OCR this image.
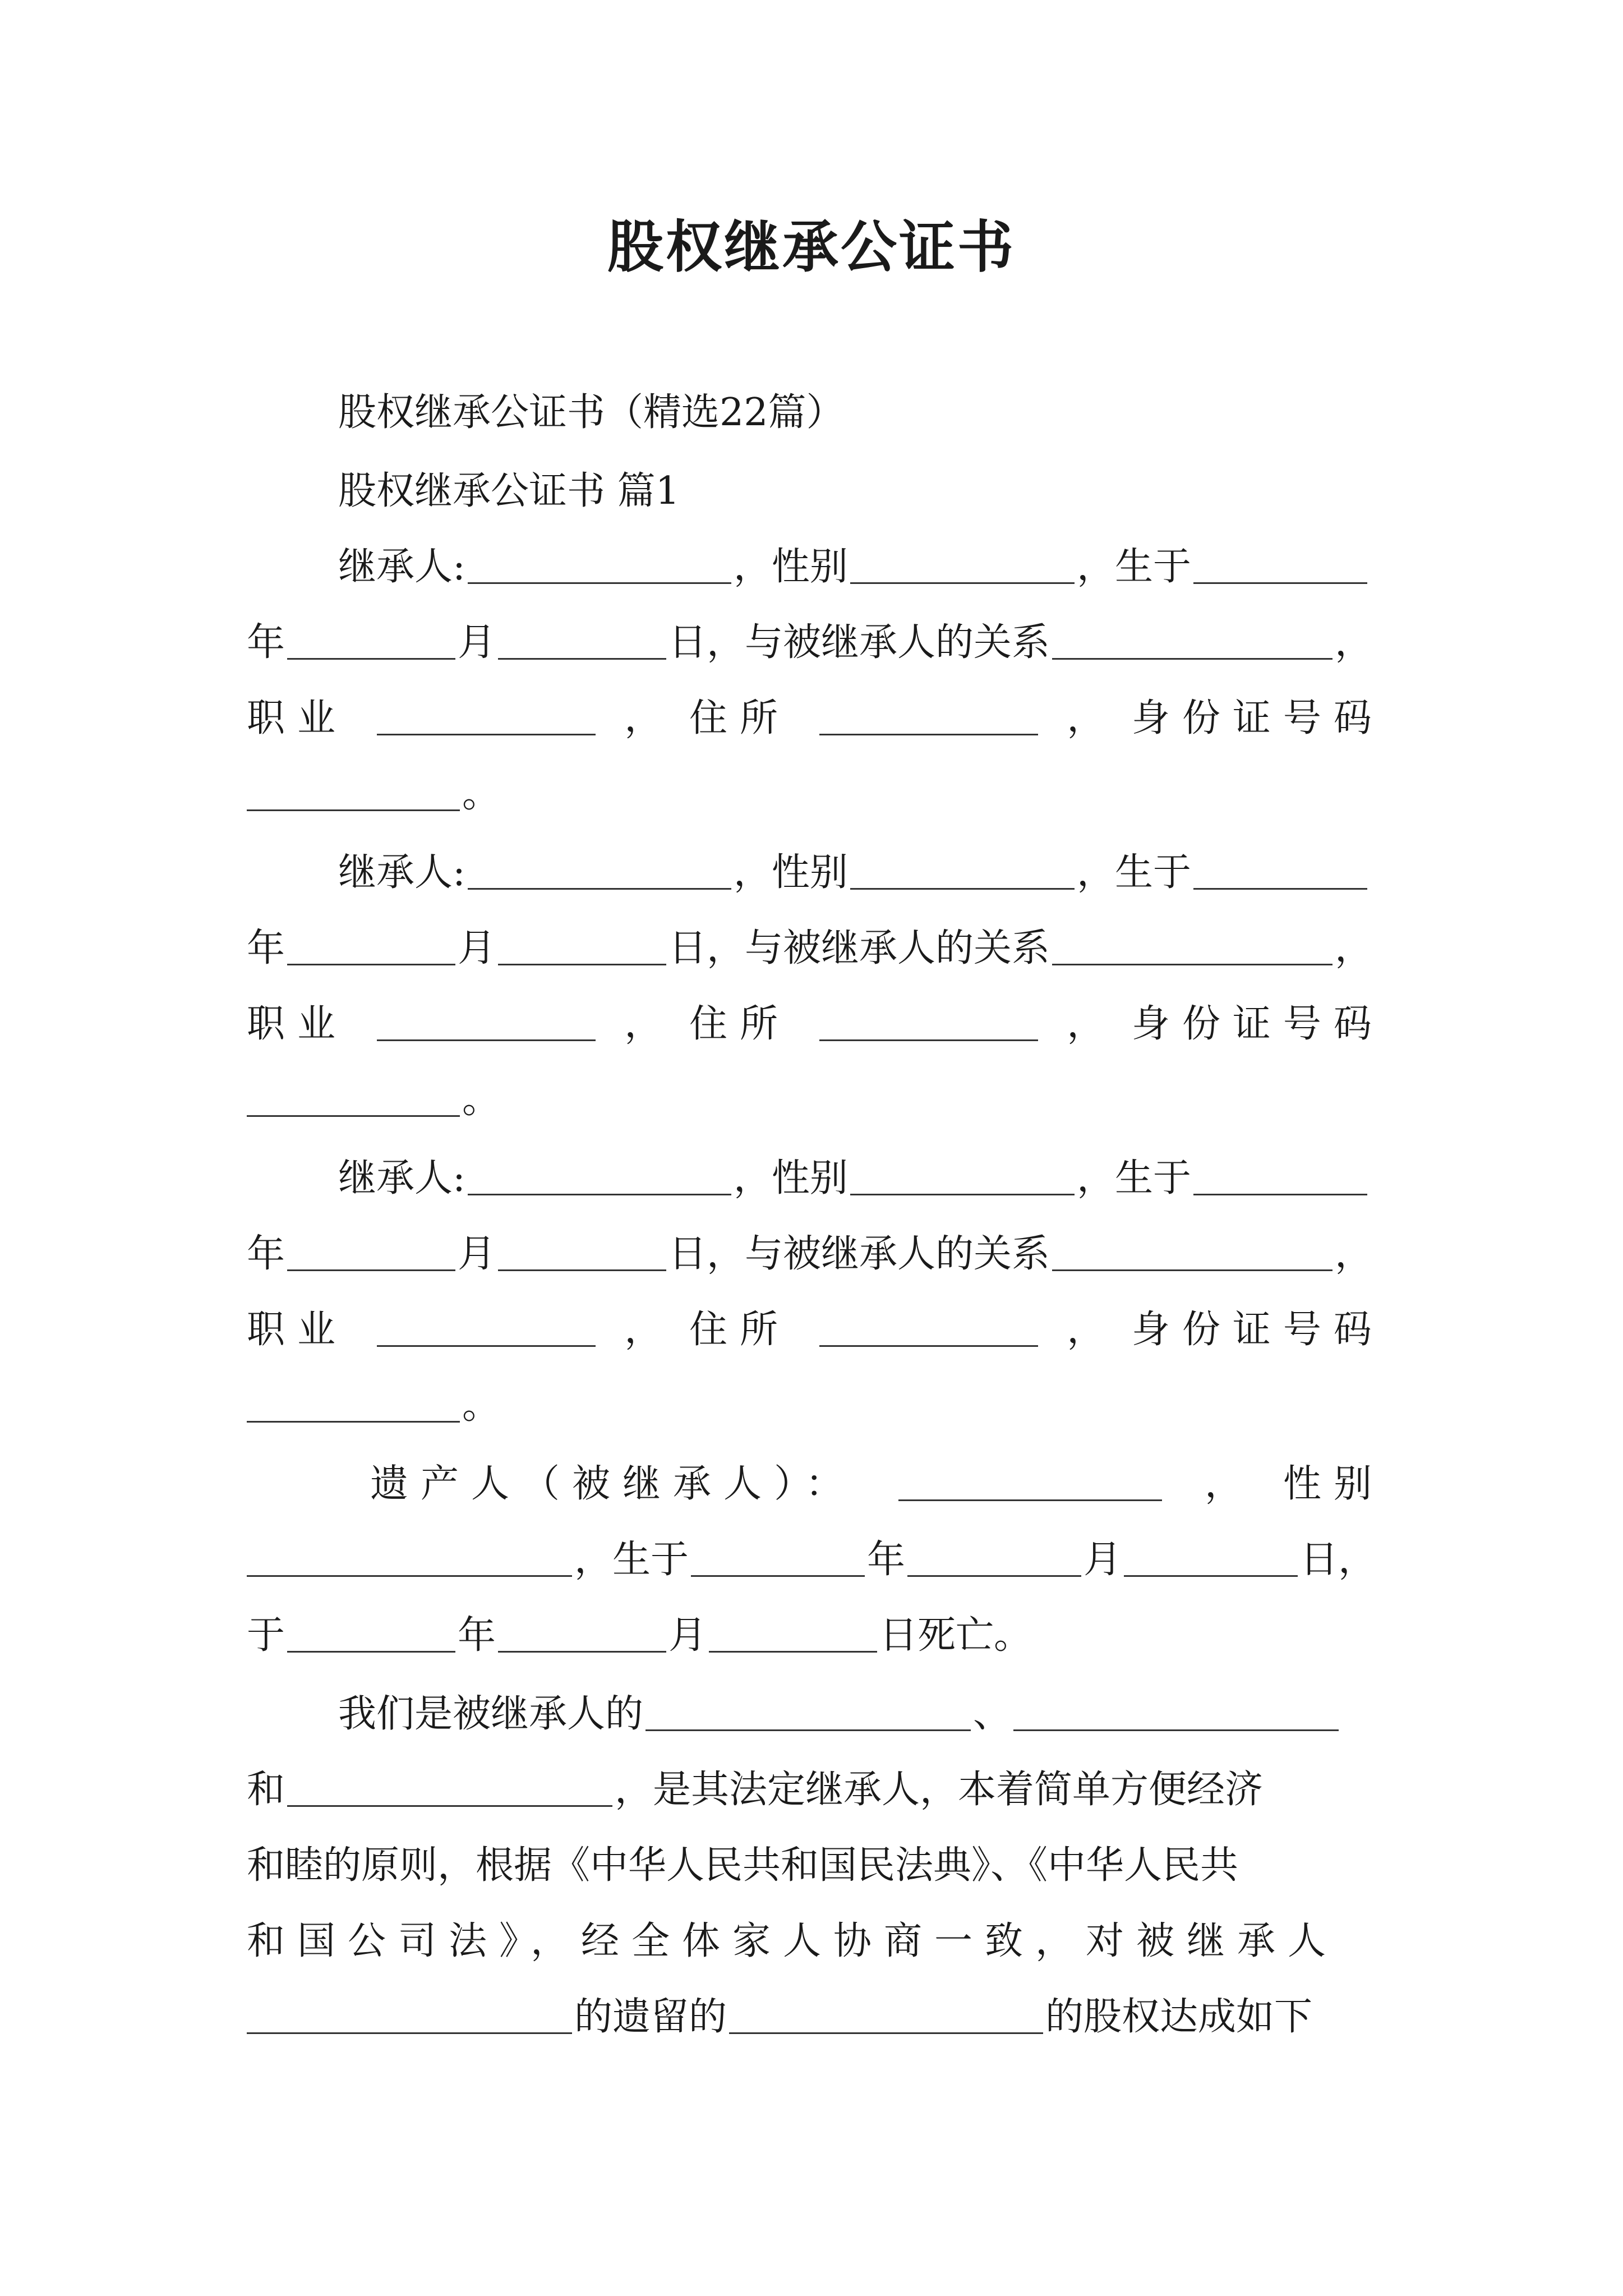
股权继承公证书
股权继承公证书（精选22篇）
股权继承公证书 篇1
继承人:	，性别	，生于
年	月	日，与被继承人的关系	，
职业	， 住所	， 身份证号码
。
继承人:	，性别	，生于
年	月	日，与被继承人的关系	，
职业	， 住所	， 身份证号码
。
继承人:	，性别	，生于
年	月	日，与被继承人的关系	，
职业	， 住所	， 身份证号码
。
遗产人（被继承人）：	， 性别
，生于	年	月	日，
于	年	月	日死亡。
我们是被继承人的	、
和	，是其法定继承人，本着简单方便经济
和睦的原则，根据《中华人民共和国民法典》、《中华人民共
和国公司法》，经全体家人协商一致，对被继承人
的遗留的	的股权达成如下
